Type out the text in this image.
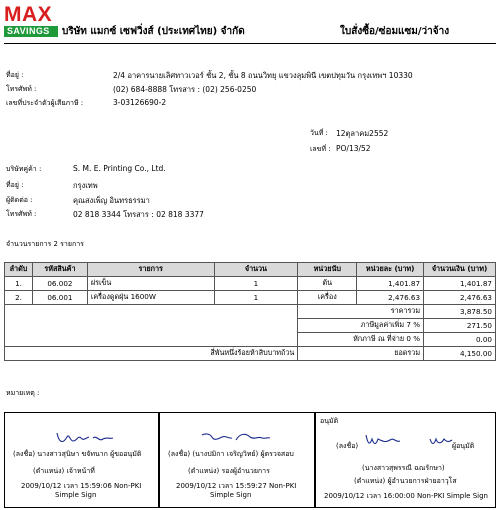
MAX
SAVINGS	บริษัท แมกซ์ เซฟวิ่งส์ (ประเทศไทย) จำกัด	ใบสั่งซื้อ/ซ่อมแซม/ว่าจ้าง
ที่อยู่ :	2/4 อาคารนายเลิศทาวเวอร์ ชั้น 2, ชั้น 8 ถนนวิทยุ แขวงลุมพินี เขตปทุมวัน กรุงเทพฯ 10330
โทรศัพท์ :	(02) 684-8888 โทรสาร : (02) 256-0250
เลขที่ประจำตัวผู้เสียภาษี :	3-03126690-2
วันที่ : 12ตุลาคม2552
เลขที่ : PO/13/52
บริษัทคู่ค้า :	S. M. E. Printing Co., Ltd.
ที่อยู่ :	กรุงเทพ
ผู้ติดต่อ :	คุณสงเพ็ญ อินทรธรรมา
โทรศัพท์ :	02 818 3344 โทรสาร : 02 818 3377
จำนวนรายการ 2 รายการ
ลำดับ	รหัสสินค้า	รายการ	จำนวน	หน่วยนับ	หน่วยละ (บาท)	จำนวนเงิน (บาท)
1.	06.002	ฝรเข็น	1	ต้น	1,401.87	1,401.87
2.	06.001	เครื่องดูดฝุ่น 1600W	1	เครื่อง	2,476.63	2,476.63
				ราคารวม		3,878.50
				ภาษีมูลค่าเพิ่ม 7 %		271.50
				หักภาษี ณ ที่จ่าย 0 %		0.00
สี่พันหนึ่งร้อยห้าสิบบาทถ้วน				ยอดรวม		4,150.00
หมายเหตุ :
(ลงชื่อ) นางสาวสุนิษา ขจัทนาก ผู้ขออนุมัติ
(ตำแหน่ง) เจ้าหน้าที่
2009/10/12 เวลา 15:59:06 Non-PKI
Simple Sign
(ลงชื่อ) (นางปมิกา เจริญวิทย์) ผู้ตรวจสอบ
(ตำแหน่ง) รองผู้อำนวยการ
2009/10/12 เวลา 15:59:27 Non-PKI
Simple Sign
อนุมัติ
(ลงชื่อ)	ผู้อนุมัติ
(นางสาวสุพรรณี ฉณรักษา)
(ตำแหน่ง) ผู้อำนวยการฝ่ายอาวุโส
2009/10/12 เวลา 16:00:00 Non-PKI Simple Sign
